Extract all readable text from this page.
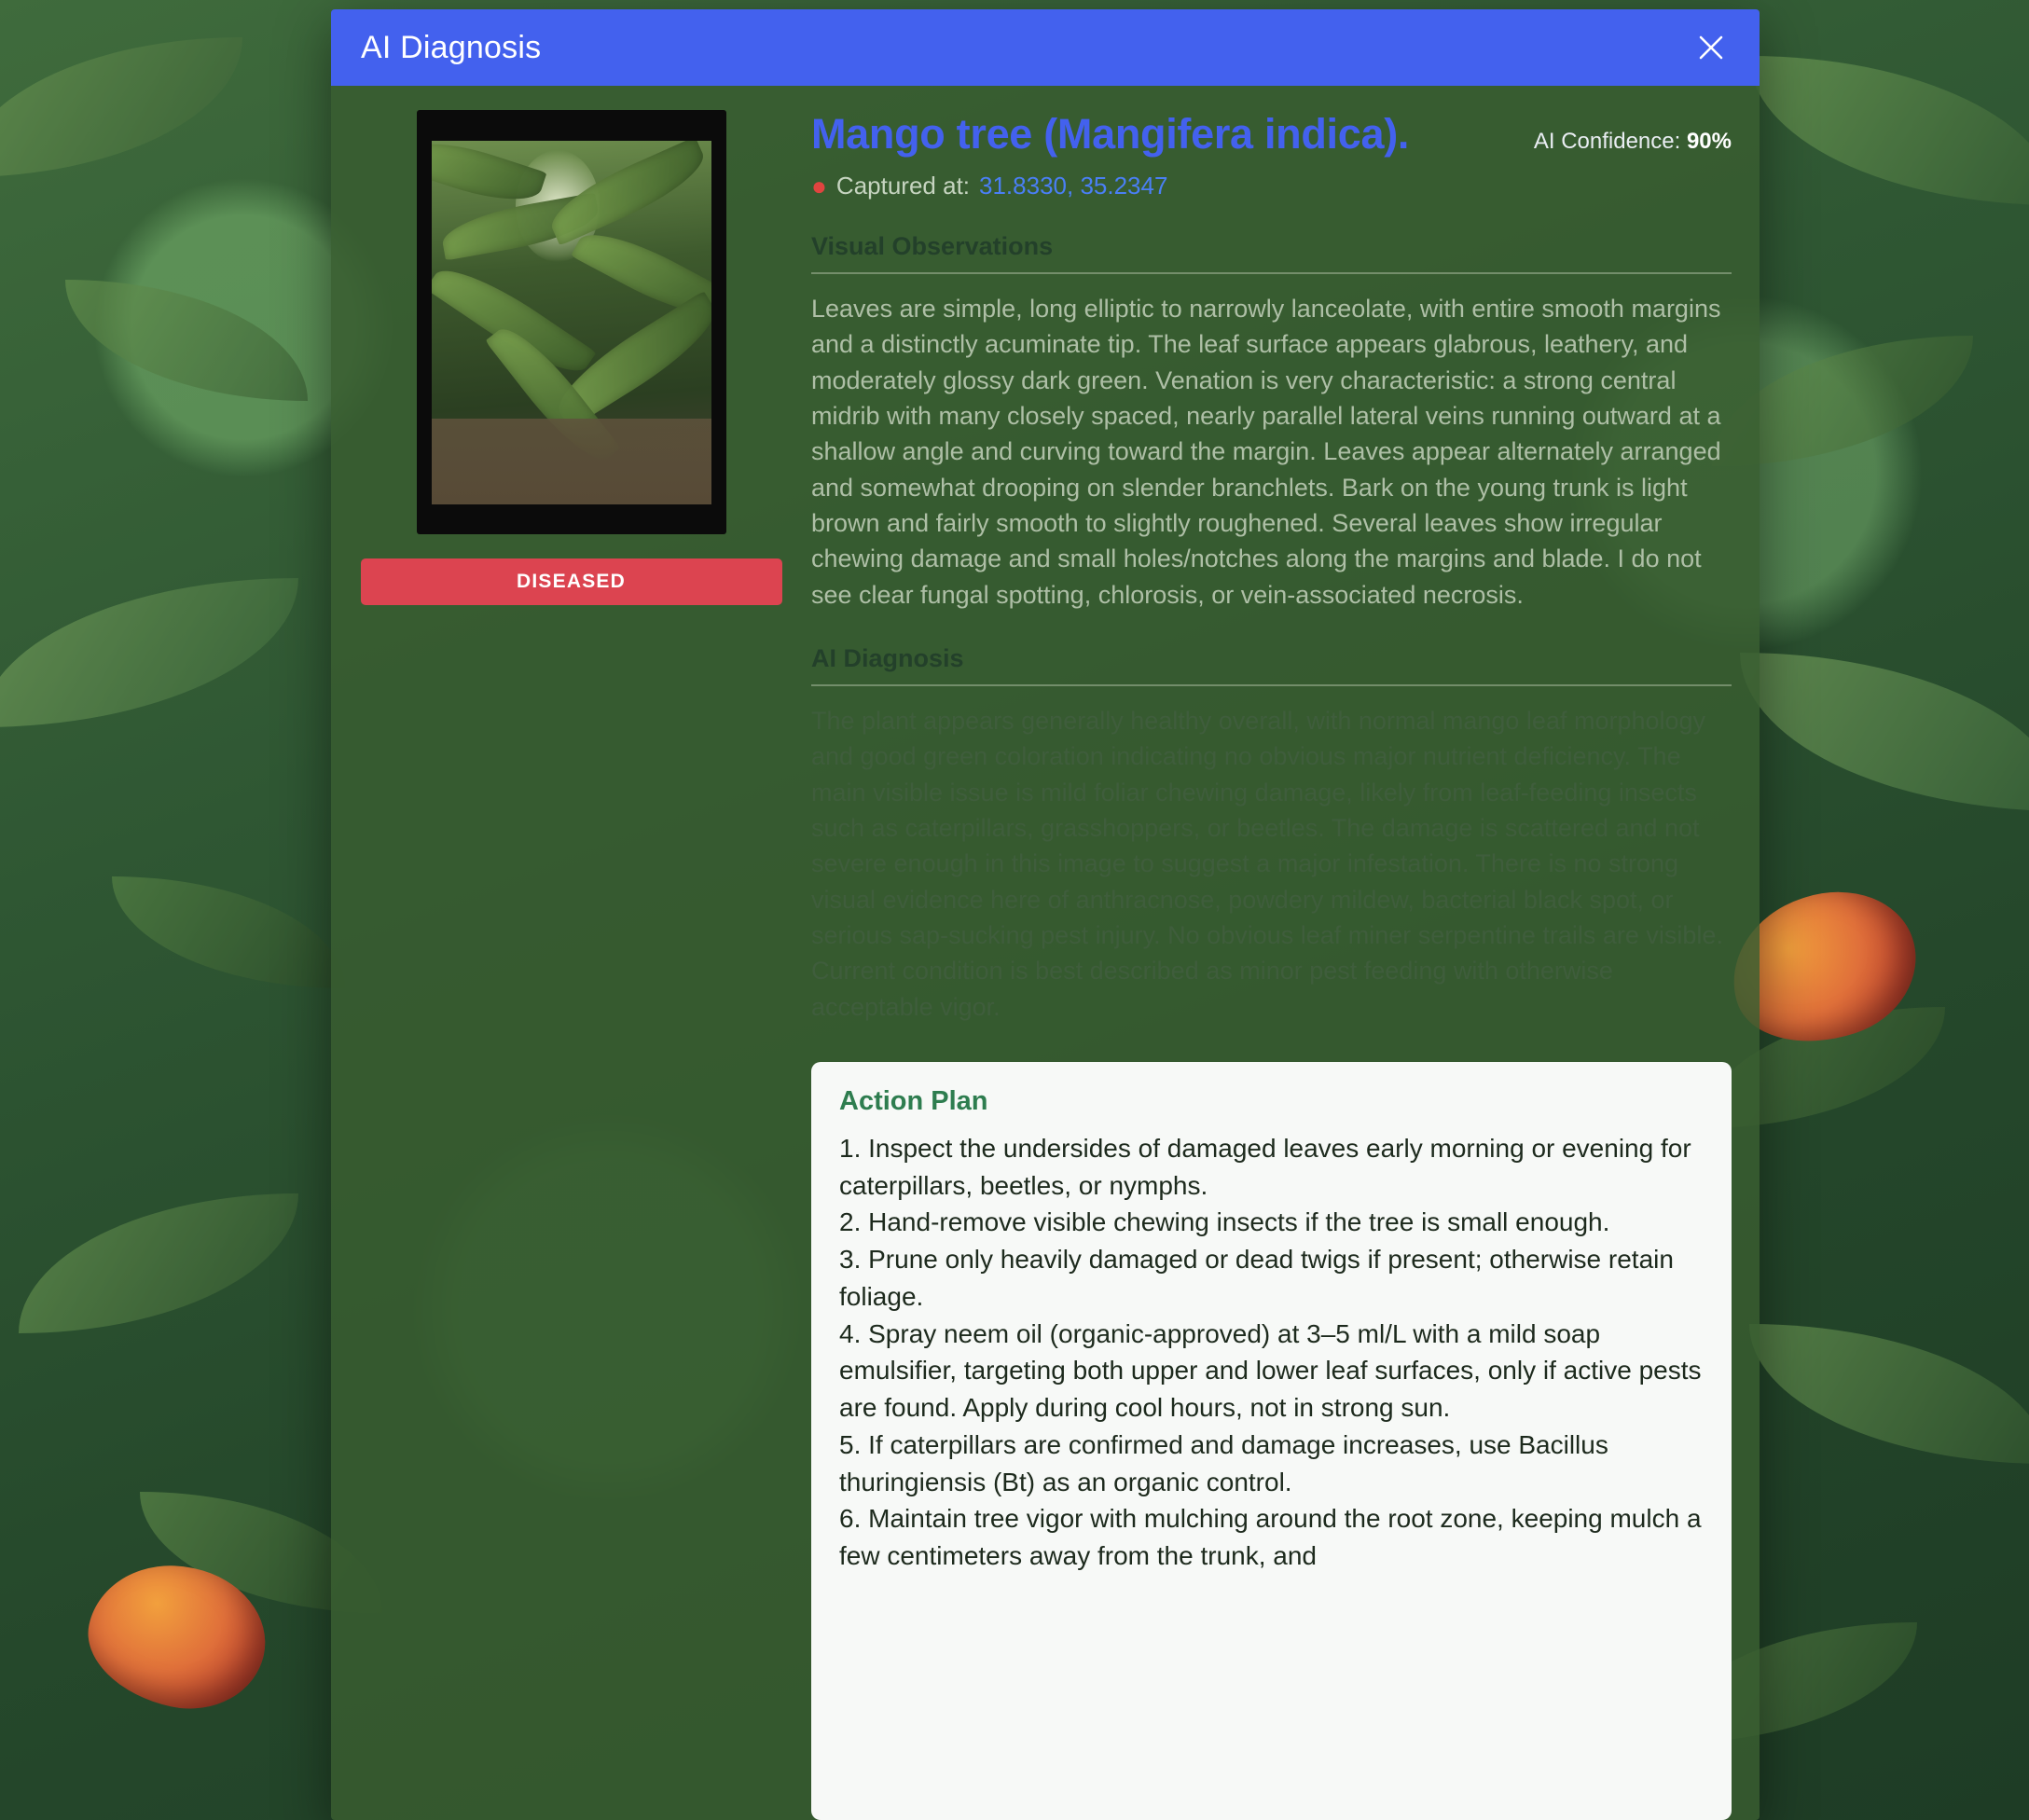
AI Diagnosis
DISEASED
Mango tree (Mangifera indica).	AI Confidence: 90%
● Captured at: 31.8330, 35.2347
Visual Observations
Leaves are simple, long elliptic to narrowly lanceolate, with entire smooth margins and a distinctly acuminate tip. The leaf surface appears glabrous, leathery, and moderately glossy dark green. Venation is very characteristic: a strong central midrib with many closely spaced, nearly parallel lateral veins running outward at a shallow angle and curving toward the margin. Leaves appear alternately arranged and somewhat drooping on slender branchlets. Bark on the young trunk is light brown and fairly smooth to slightly roughened. Several leaves show irregular chewing damage and small holes/notches along the margins and blade. I do not see clear fungal spotting, chlorosis, or vein-associated necrosis.
AI Diagnosis
The plant appears generally healthy overall, with normal mango leaf morphology and good green coloration indicating no obvious major nutrient deficiency. The main visible issue is mild foliar chewing damage, likely from leaf-feeding insects such as caterpillars, grasshoppers, or beetles. The damage is scattered and not severe enough in this image to suggest a major infestation. There is no strong visual evidence here of anthracnose, powdery mildew, bacterial black spot, or serious sap-sucking pest injury. No obvious leaf miner serpentine trails are visible. Current condition is best described as minor pest feeding with otherwise acceptable vigor.
Action Plan
1. Inspect the undersides of damaged leaves early morning or evening for caterpillars, beetles, or nymphs.
2. Hand-remove visible chewing insects if the tree is small enough.
3. Prune only heavily damaged or dead twigs if present; otherwise retain foliage.
4. Spray neem oil (organic-approved) at 3–5 ml/L with a mild soap emulsifier, targeting both upper and lower leaf surfaces, only if active pests are found. Apply during cool hours, not in strong sun.
5. If caterpillars are confirmed and damage increases, use Bacillus thuringiensis (Bt) as an organic control.
6. Maintain tree vigor with mulching around the root zone, keeping mulch a few centimeters away from the trunk, and
